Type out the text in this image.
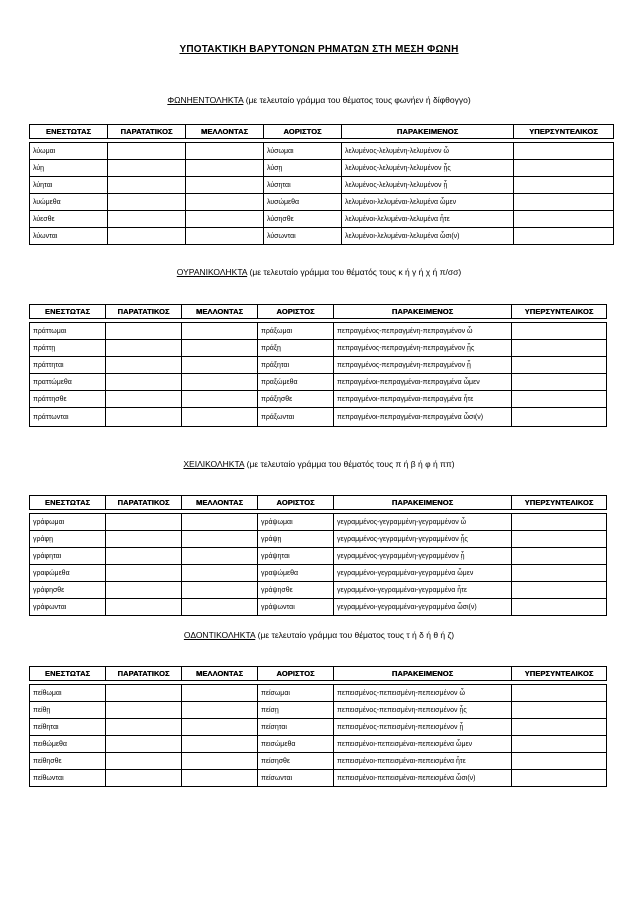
ΥΠΟΤΑΚΤΙΚΗ ΒΑΡΥΤΟΝΩΝ ΡΗΜΑΤΩΝ ΣΤΗ ΜΕΣΗ ΦΩΝΗ
ΦΩΝΗΕΝΤΟΛΗΚΤΑ (με τελευταίο γράμμα του θέματος τους φωνήεν ή δίφθογγο)
ΕΝΕΣΤΩΤΑΣ	ΠΑΡΑΤΑΤΙΚΟΣ	ΜΕΛΛΟΝΤΑΣ	ΑΟΡΙΣΤΟΣ	ΠΑΡΑΚΕΙΜΕΝΟΣ	ΥΠΕΡΣΥΝΤΕΛΙΚΟΣ

λύωμαι			λύσωμαι	λελυμένος-λελυμένη-λελυμένον ὦ	
λύῃ			λύσῃ	λελυμένος-λελυμένη-λελυμένον ᾖς	
λύηται			λύσηται	λελυμένος-λελυμένη-λελυμένον ᾖ	
λυώμεθα			λυσώμεθα	λελυμένοι-λελυμέναι-λελυμένα ὦμεν	
λύεσθε			λύσησθε	λελυμένοι-λελυμέναι-λελυμένα ἦτε	
λύωνται			λύσωνται	λελυμένοι-λελυμέναι-λελυμένα ὦσι(ν)	
ΟΥΡΑΝΙΚΟΛΗΚΤΑ (με τελευταίο γράμμα του θέματός τους κ ή γ ή χ ή π/σσ)
ΕΝΕΣΤΩΤΑΣ	ΠΑΡΑΤΑΤΙΚΟΣ	ΜΕΛΛΟΝΤΑΣ	ΑΟΡΙΣΤΟΣ	ΠΑΡΑΚΕΙΜΕΝΟΣ	ΥΠΕΡΣΥΝΤΕΛΙΚΟΣ

πράττωμαι			πράξωμαι	πεπραγμένος-πεπραγμένη-πεπραγμένον ὦ	
πράττῃ			πράξῃ	πεπραγμένος-πεπραγμένη-πεπραγμένον ᾖς	
πράττηται			πράξηται	πεπραγμένος-πεπραγμένη-πεπραγμένον ᾖ	
πραττώμεθα			πραξώμεθα	πεπραγμένοι-πεπραγμέναι-πεπραγμένα ὦμεν	
πράττησθε			πράξησθε	πεπραγμένοι-πεπραγμέναι-πεπραγμένα ἦτε	
πράττωνται			πράξωνται	πεπραγμένοι-πεπραγμέναι-πεπραγμένα ὦσι(ν)	
ΧΕΙΛΙΚΟΛΗΚΤΑ (με τελευταίο γράμμα του θέματός τους π ή β ή φ ή ππ)
ΕΝΕΣΤΩΤΑΣ	ΠΑΡΑΤΑΤΙΚΟΣ	ΜΕΛΛΟΝΤΑΣ	ΑΟΡΙΣΤΟΣ	ΠΑΡΑΚΕΙΜΕΝΟΣ	ΥΠΕΡΣΥΝΤΕΛΙΚΟΣ

γράφωμαι			γράψωμαι	γεγραμμένος-γεγραμμένη-γεγραμμένον ὦ	
γράφῃ			γράψῃ	γεγραμμένος-γεγραμμένη-γεγραμμένον ᾖς	
γράφηται			γράψηται	γεγραμμένος-γεγραμμένη-γεγραμμένον ᾖ	
γραφώμεθα			γραψώμεθα	γεγραμμένοι-γεγραμμέναι-γεγραμμένα ὦμεν	
γράφησθε			γράψησθε	γεγραμμένοι-γεγραμμέναι-γεγραμμένα ἦτε	
γράφωνται			γράψωνται	γεγραμμένοι-γεγραμμέναι-γεγραμμένα ὦσι(ν)	
ΟΔΟΝΤΙΚΟΛΗΚΤΑ (με τελευταίο γράμμα του θέματος τους τ ή δ ή θ ή ζ)
ΕΝΕΣΤΩΤΑΣ	ΠΑΡΑΤΑΤΙΚΟΣ	ΜΕΛΛΟΝΤΑΣ	ΑΟΡΙΣΤΟΣ	ΠΑΡΑΚΕΙΜΕΝΟΣ	ΥΠΕΡΣΥΝΤΕΛΙΚΟΣ

πείθωμαι			πείσωμαι	πεπεισμένος-πεπεισμένη-πεπεισμένον ὦ	
πείθῃ			πείσῃ	πεπεισμένος-πεπεισμένη-πεπεισμένον ᾖς	
πείθηται			πείσηται	πεπεισμένος-πεπεισμένη-πεπεισμένον ᾖ	
πειθώμεθα			πεισώμεθα	πεπεισμένοι-πεπεισμέναι-πεπεισμένα ὦμεν	
πείθησθε			πείσησθε	πεπεισμένοι-πεπεισμέναι-πεπεισμένα ἦτε	
πείθωνται			πείσωνται	πεπεισμένοι-πεπεισμέναι-πεπεισμένα ὦσι(ν)	
